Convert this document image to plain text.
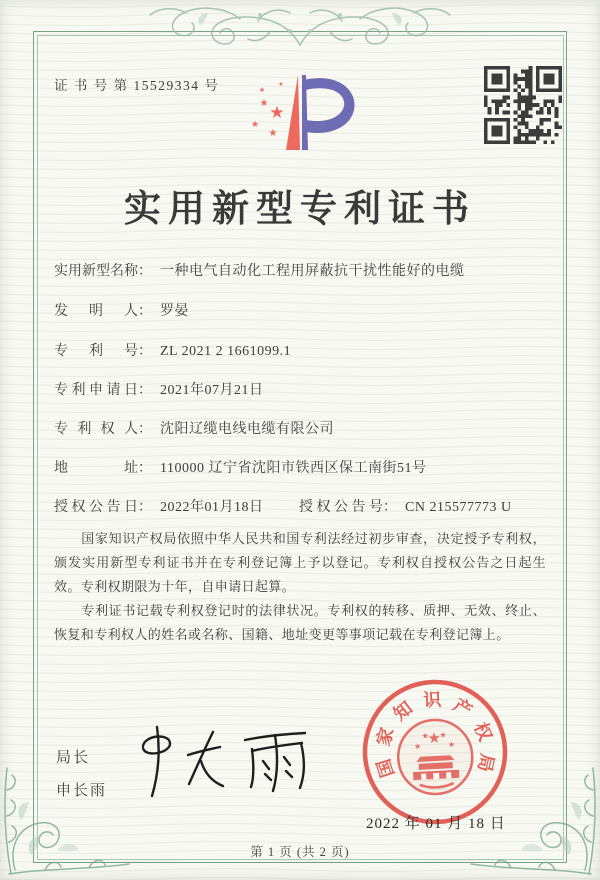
证 书 号 第 15529334 号
★
★
★
★
★
★
实用新型专利证书
实用新型名称： 一种电气自动化工程用屏蔽抗干扰性能好的电缆
发明人： 罗晏
专利号： ZL 2021 2 1661099.1
专利申请日： 2021年07月21日
专利权人： 沈阳辽缆电线电缆有限公司
地址： 110000 辽宁省沈阳市铁西区保工南街51号
授权公告日： 2022年01月18日	授权公告号： CN 215577773 U

国家知识产权局依照中华人民共和国专利法经过初步审查，决定授予专利权，颁发实用新型专利证书并在专利登记簿上予以登记。专利权自授权公告之日起生效。专利权期限为十年，自申请日起算。

专利证书记载专利权登记时的法律状况。专利权的转移、质押、无效、终止、恢复和专利权人的姓名或名称、国籍、地址变更等事项记载在专利登记簿上。

局长
申长雨
国
家
知 识 产
权
局
★
★
★ ★
★
2022 年 01 月 18 日
第 1 页 (共 2 页)
